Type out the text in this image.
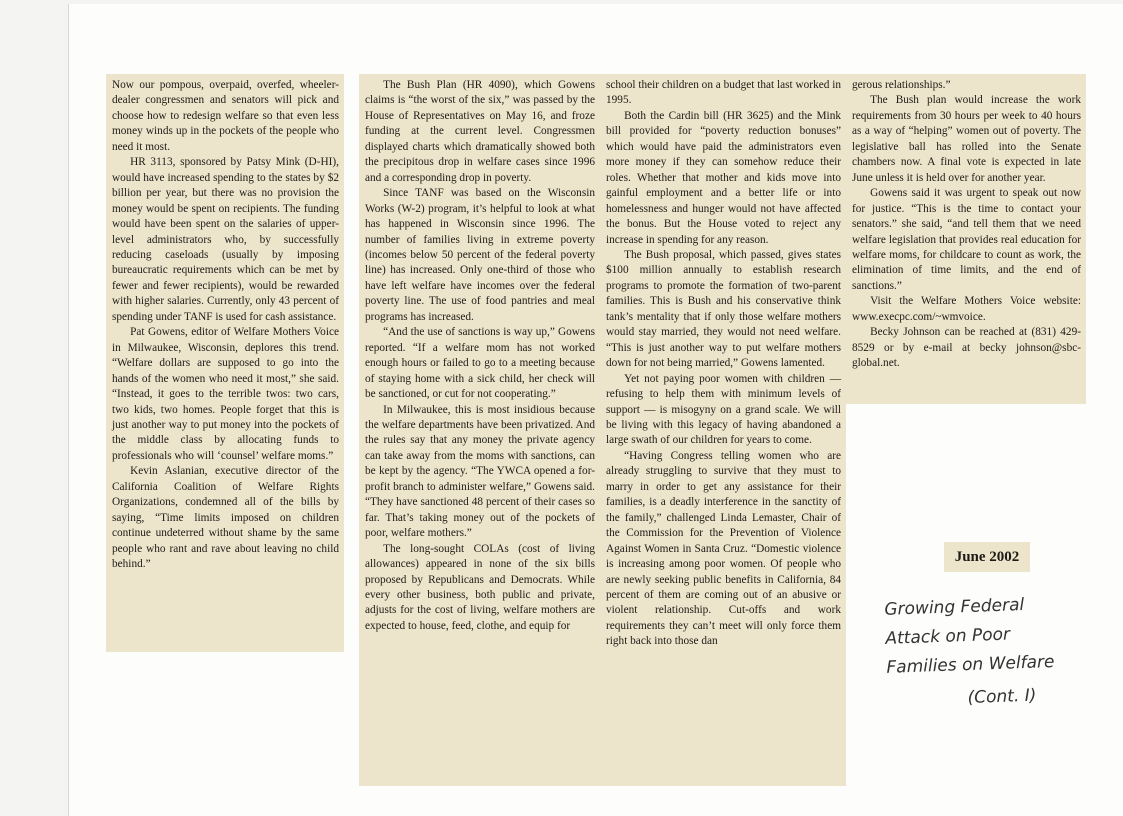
Now our pompous, overpaid, overfed, wheeler-dealer congressmen and senators will pick and choose how to redesign welfare so that even less money winds up in the pockets of the people who need it most.

HR 3113, sponsored by Patsy Mink (D-HI), would have increased spending to the states by $2 billion per year, but there was no provision the money would be spent on recipients. The funding would have been spent on the salaries of upper-level administrators who, by successfully reducing caseloads (usually by imposing bureaucratic requirements which can be met by fewer and fewer recipients), would be rewarded with higher salaries. Currently, only 43 percent of spending under TANF is used for cash assistance.

Pat Gowens, editor of Welfare Mothers Voice in Milwaukee, Wisconsin, deplores this trend. “Welfare dollars are supposed to go into the hands of the women who need it most,” she said. “Instead, it goes to the terrible twos: two cars, two kids, two homes. People forget that this is just another way to put money into the pockets of the middle class by allocating funds to professionals who will ‘counsel’ welfare moms.”

Kevin Aslanian, executive director of the California Coalition of Welfare Rights Organizations, condemned all of the bills by saying, “Time limits imposed on children continue undeterred without shame by the same people who rant and rave about leaving no child behind.”

The Bush Plan (HR 4090), which Gowens claims is “the worst of the six,” was passed by the House of Representatives on May 16, and froze funding at the current level. Congressmen displayed charts which dramatically showed both the precipitous drop in welfare cases since 1996 and a corresponding drop in poverty.

Since TANF was based on the Wisconsin Works (W-2) program, it’s helpful to look at what has happened in Wisconsin since 1996. The number of families living in extreme poverty (incomes below 50 percent of the federal poverty line) has increased. Only one-third of those who have left welfare have incomes over the federal poverty line. The use of food pantries and meal programs has increased.

“And the use of sanctions is way up,” Gowens reported. “If a welfare mom has not worked enough hours or failed to go to a meeting because of staying home with a sick child, her check will be sanctioned, or cut for not cooperating.”

In Milwaukee, this is most insidious because the welfare departments have been privatized. And the rules say that any money the private agency can take away from the moms with sanctions, can be kept by the agency. “The YWCA opened a for-profit branch to administer welfare,” Gowens said. “They have sanctioned 48 percent of their cases so far. That’s taking money out of the pockets of poor, welfare mothers.”

The long-sought COLAs (cost of living allowances) appeared in none of the six bills proposed by Republicans and Democrats. While every other business, both public and private, adjusts for the cost of living, welfare mothers are expected to house, feed, clothe, and equip for

school their children on a budget that last worked in 1995.

Both the Cardin bill (HR 3625) and the Mink bill provided for “poverty reduction bonuses” which would have paid the administrators even more money if they can somehow reduce their roles. Whether that mother and kids move into gainful employment and a better life or into homelessness and hunger would not have affected the bonus. But the House voted to reject any increase in spending for any reason.

The Bush proposal, which passed, gives states $100 million annually to establish research programs to promote the formation of two-parent families. This is Bush and his conservative think tank’s mentality that if only those welfare mothers would stay married, they would not need welfare. “This is just another way to put welfare mothers down for not being married,” Gowens lamented.

Yet not paying poor women with children — refusing to help them with minimum levels of support — is misogyny on a grand scale. We will be living with this legacy of having abandoned a large swath of our children for years to come.

“Having Congress telling women who are already struggling to survive that they must to marry in order to get any assistance for their families, is a deadly interference in the sanctity of the family,” challenged Linda Lemaster, Chair of the Commission for the Prevention of Violence Against Women in Santa Cruz. “Domestic violence is increasing among poor women. Of people who are newly seeking public benefits in California, 84 percent of them are coming out of an abusive or violent relationship. Cut-offs and work requirements they can’t meet will only force them right back into those dan

gerous relationships.”

The Bush plan would increase the work requirements from 30 hours per week to 40 hours as a way of “helping” women out of poverty. The legislative ball has rolled into the Senate chambers now. A final vote is expected in late June unless it is held over for another year.

Gowens said it was urgent to speak out now for justice. “This is the time to contact your senators.” she said, “and tell them that we need welfare legislation that provides real education for welfare moms, for childcare to count as work, the elimination of time limits, and the end of sanctions.”

Visit the Welfare Mothers Voice website: www.execpc.com/~wmvoice.

Becky Johnson can be reached at (831) 429-8529 or by e-mail at becky johnson@sbc-global.net.

June 2002
Growing Federal
Attack on Poor
Families on Welfare
(Cont. I)
